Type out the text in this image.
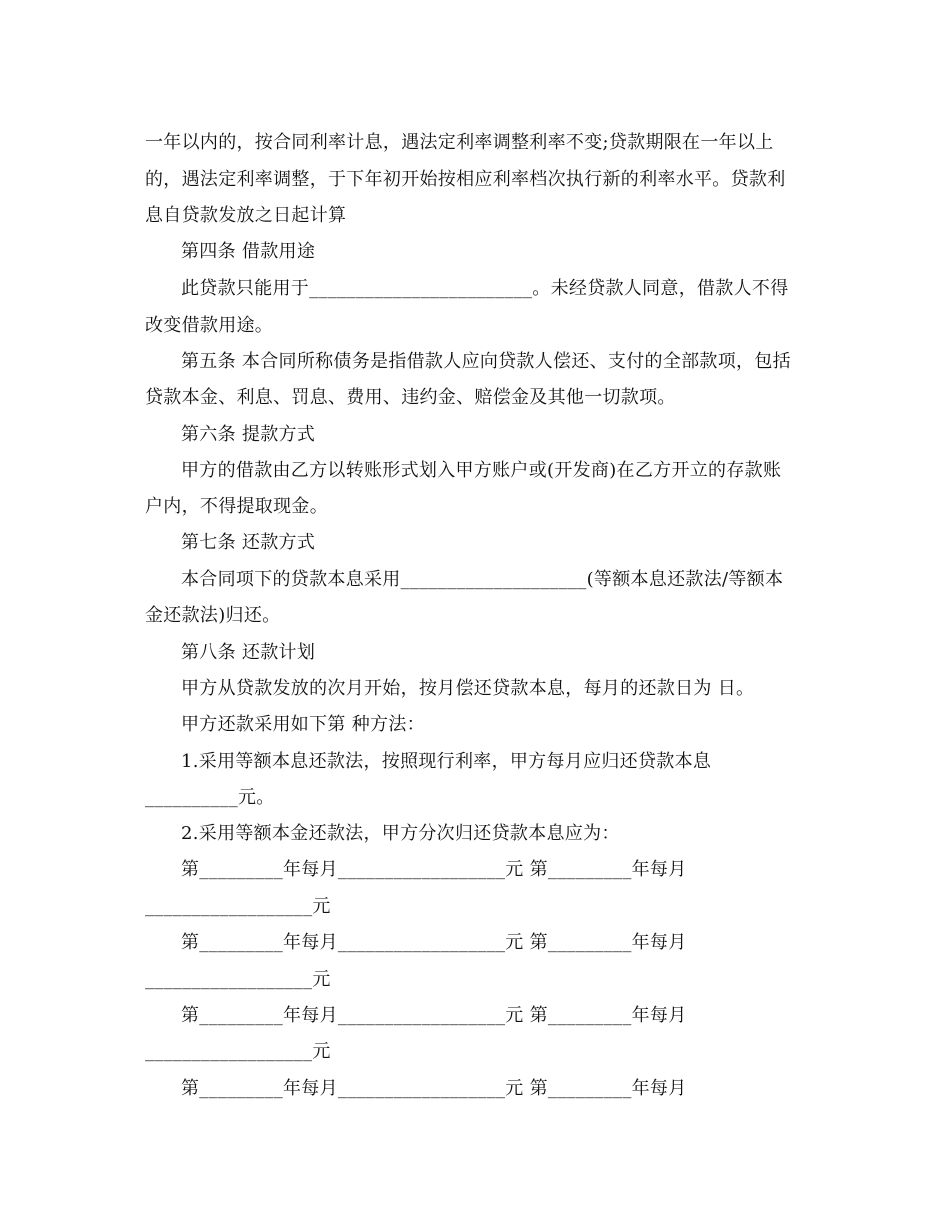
一年以内的，按合同利率计息，遇法定利率调整利率不变;贷款期限在一年以上
的，遇法定利率调整，于下年初开始按相应利率档次执行新的利率水平。贷款利
息自贷款发放之日起计算
第四条 借款用途
此贷款只能用于________________________。未经贷款人同意，借款人不得
改变借款用途。
第五条 本合同所称债务是指借款人应向贷款人偿还、支付的全部款项，包括
贷款本金、利息、罚息、费用、违约金、赔偿金及其他一切款项。
第六条 提款方式
甲方的借款由乙方以转账形式划入甲方账户或(开发商)在乙方开立的存款账
户内，不得提取现金。
第七条 还款方式
本合同项下的贷款本息采用____________________(等额本息还款法/等额本
金还款法)归还。
第八条 还款计划
甲方从贷款发放的次月开始，按月偿还贷款本息，每月的还款日为 日。
甲方还款采用如下第 种方法：
1.采用等额本息还款法，按照现行利率，甲方每月应归还贷款本息
__________元。
2.采用等额本金还款法，甲方分次归还贷款本息应为：
第_________年每月__________________元 第_________年每月
__________________元
第_________年每月__________________元 第_________年每月
__________________元
第_________年每月__________________元 第_________年每月
__________________元
第_________年每月__________________元 第_________年每月
